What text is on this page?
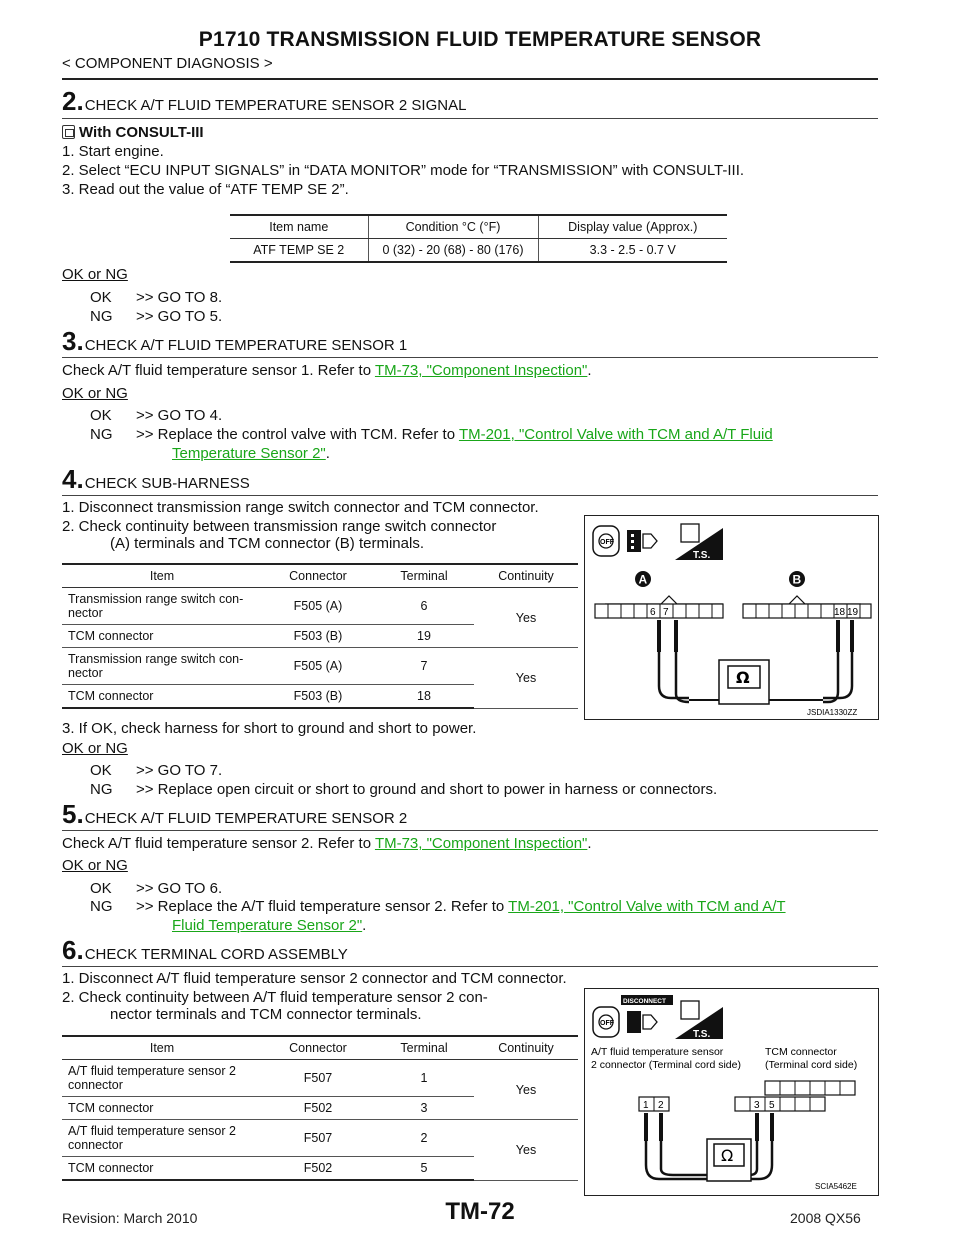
P1710 TRANSMISSION FLUID TEMPERATURE SENSOR
< COMPONENT DIAGNOSIS >
2. CHECK A/T FLUID TEMPERATURE SENSOR 2 SIGNAL
With CONSULT-III
1. Start engine.
2. Select “ECU INPUT SIGNALS” in “DATA MONITOR” mode for “TRANSMISSION” with CONSULT-III.
3. Read out the value of “ATF TEMP SE 2”.
Item name	Condition °C (°F)	Display value (Approx.)
ATF TEMP SE 2	0 (32) - 20 (68) - 80 (176)	3.3 - 2.5 - 0.7 V
OK or NG
OK >> GO TO 8.
NG >> GO TO 5.
3. CHECK A/T FLUID TEMPERATURE SENSOR 1
Check A/T fluid temperature sensor 1. Refer to TM-73, "Component Inspection".
OK or NG
OK >> GO TO 4.
NG >> Replace the control valve with TCM. Refer to TM-201, "Control Valve with TCM and A/T Fluid
Temperature Sensor 2".
4. CHECK SUB-HARNESS
1. Disconnect transmission range switch connector and TCM connector.
2. Check continuity between transmission range switch connector
(A) terminals and TCM connector (B) terminals.
Item	Connector	Terminal	Continuity
Transmission range switch con-nector	F505 (A)	6	Yes
TCM connector	F503 (B)	19	
Transmission range switch con-nector	F505 (A)	7	Yes
TCM connector	F503 (B)	18	
OFF
T.S.
A	B
6 7	18 19
Ω
JSDIA1330ZZ
3. If OK, check harness for short to ground and short to power.
OK or NG
OK >> GO TO 7.
NG >> Replace open circuit or short to ground and short to power in harness or connectors.
5. CHECK A/T FLUID TEMPERATURE SENSOR 2
Check A/T fluid temperature sensor 2. Refer to TM-73, "Component Inspection".
OK or NG
OK >> GO TO 6.
NG >> Replace the A/T fluid temperature sensor 2. Refer to TM-201, "Control Valve with TCM and A/T
Fluid Temperature Sensor 2".
6. CHECK TERMINAL CORD ASSEMBLY
1. Disconnect A/T fluid temperature sensor 2 connector and TCM connector.
2. Check continuity between A/T fluid temperature sensor 2 con-
nector terminals and TCM connector terminals.
Item	Connector	Terminal	Continuity
A/T fluid temperature sensor 2 connector	F507	1	Yes
TCM connector	F502	3	
A/T fluid temperature sensor 2 connector	F507	2	Yes
TCM connector	F502	5	
OFF
DISCONNECT
T.S.
A/T fluid temperature sensor
2 connector (Terminal cord side)
TCM connector
(Terminal cord side)
1 2	3 5
Ω
SCIA5462E
Revision: March 2010	TM-72	2008 QX56
